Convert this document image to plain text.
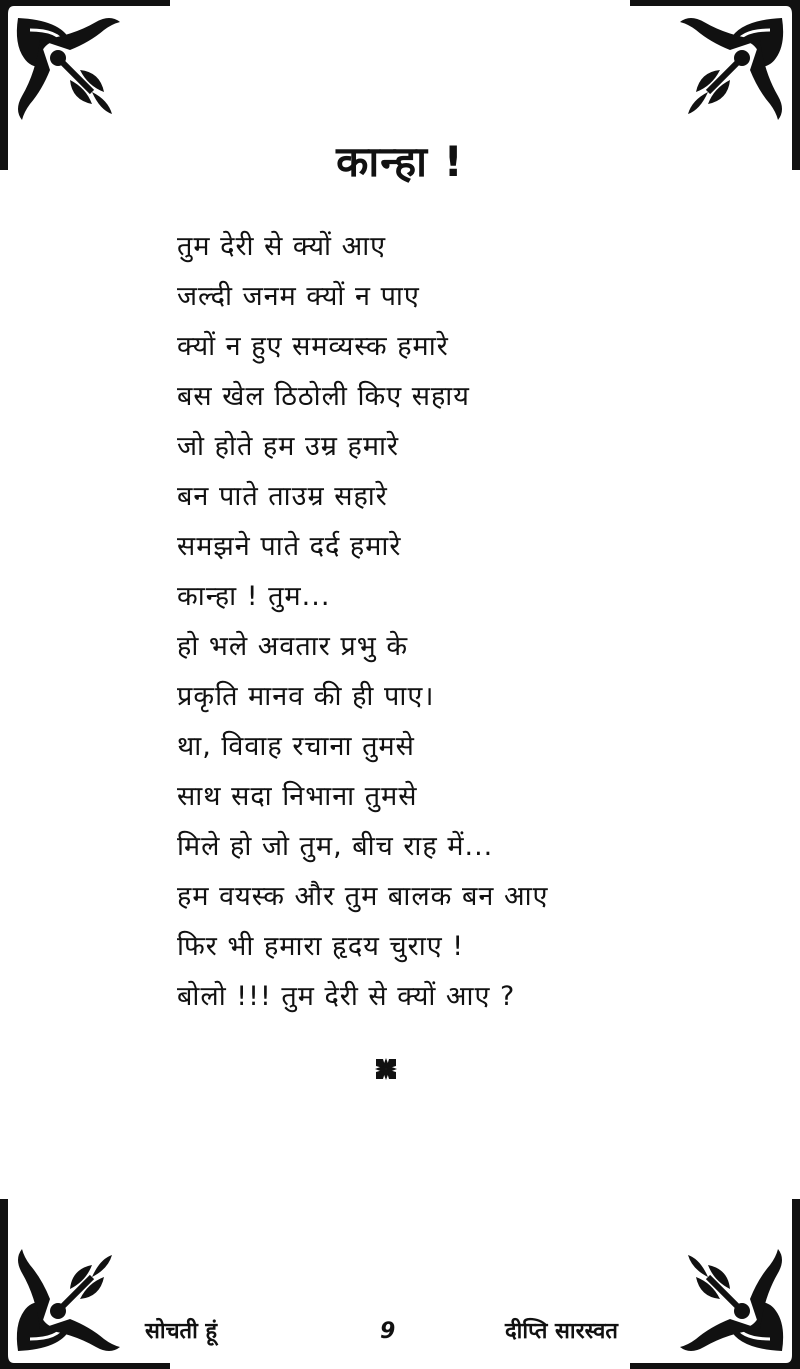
कान्हा !
तुम देरी से क्यों आए
जल्दी जनम क्यों न पाए
क्यों न हुए समव्यस्क हमारे
बस खेल ठिठोली किए सहाय
जो होते हम उम्र हमारे
बन पाते ताउम्र सहारे
समझने पाते दर्द हमारे
कान्हा ! तुम...
हो भले अवतार प्रभु के
प्रकृति मानव की ही पाए।
था, विवाह रचाना तुमसे
साथ सदा निभाना तुमसे
मिले हो जो तुम, बीच राह में...
हम वयस्क और तुम बालक बन आए
फिर भी हमारा हृदय चुराए !
बोलो !!! तुम देरी से क्यों आए ?
सोचती हूं	9	दीप्ति सारस्वत
